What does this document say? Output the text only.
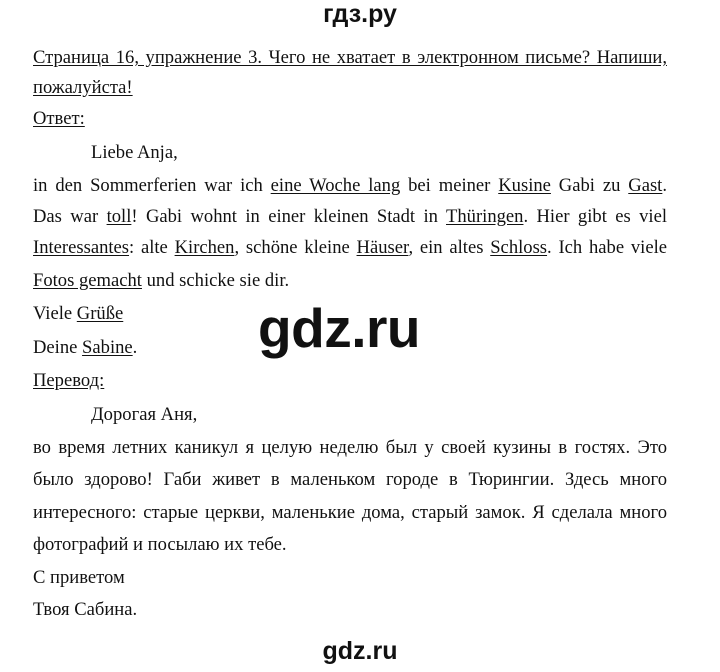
гдз.ру
Страница 16, упражнение 3. Чего не хватает в электронном письме? Напиши,
пожалуйста!
Ответ:
Liebe Anja,
in den Sommerferien war ich eine Woche lang bei meiner Kusine Gabi zu Gast.
Das war toll! Gabi wohnt in einer kleinen Stadt in Thüringen. Hier gibt es viel
Interessantes: alte Kirchen, schöne kleine Häuser, ein altes Schloss. Ich habe viele
Fotos gemacht und schicke sie dir.
Viele Grüße
Deine Sabine. gdz.ru
Перевод:
Дорогая Аня,
во время летних каникул я целую неделю был у своей кузины в гостях. Это
было здорово! Габи живет в маленьком городе в Тюрингии. Здесь много
интересного: старые церкви, маленькие дома, старый замок. Я сделала много
фотографий и посылаю их тебе.
С приветом
Твоя Сабина.
gdz.ru
